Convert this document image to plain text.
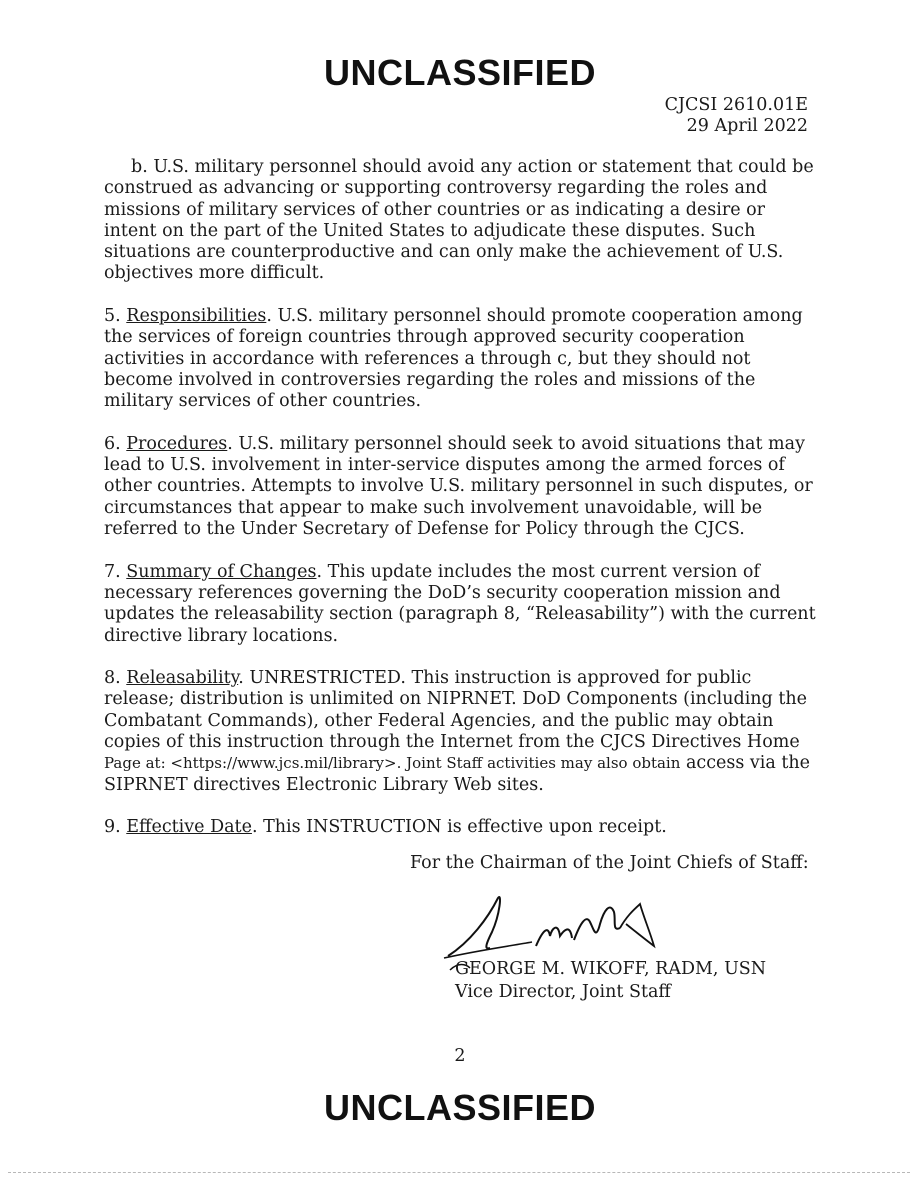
UNCLASSIFIED
CJCSI 2610.01E
29 April 2022

b. U.S. military personnel should avoid any action or statement that could be construed as advancing or supporting controversy regarding the roles and missions of military services of other countries or as indicating a desire or intent on the part of the United States to adjudicate these disputes. Such situations are counterproductive and can only make the achievement of U.S. objectives more difficult.

5. Responsibilities. U.S. military personnel should promote cooperation among the services of foreign countries through approved security cooperation activities in accordance with references a through c, but they should not become involved in controversies regarding the roles and missions of the military services of other countries.

6. Procedures. U.S. military personnel should seek to avoid situations that may lead to U.S. involvement in inter-service disputes among the armed forces of other countries. Attempts to involve U.S. military personnel in such disputes, or circumstances that appear to make such involvement unavoidable, will be referred to the Under Secretary of Defense for Policy through the CJCS.

7. Summary of Changes. This update includes the most current version of necessary references governing the DoD’s security cooperation mission and updates the releasability section (paragraph 8, “Releasability”) with the current directive library locations.

8. Releasability. UNRESTRICTED. This instruction is approved for public release; distribution is unlimited on NIPRNET. DoD Components (including the Combatant Commands), other Federal Agencies, and the public may obtain copies of this instruction through the Internet from the CJCS Directives Home Page at: <https://www.jcs.mil/library>. Joint Staff activities may also obtain access via the SIPRNET directives Electronic Library Web sites.

9. Effective Date. This INSTRUCTION is effective upon receipt.

For the Chairman of the Joint Chiefs of Staff:
GEORGE M. WIKOFF, RADM, USN
Vice Director, Joint Staff
2
UNCLASSIFIED
